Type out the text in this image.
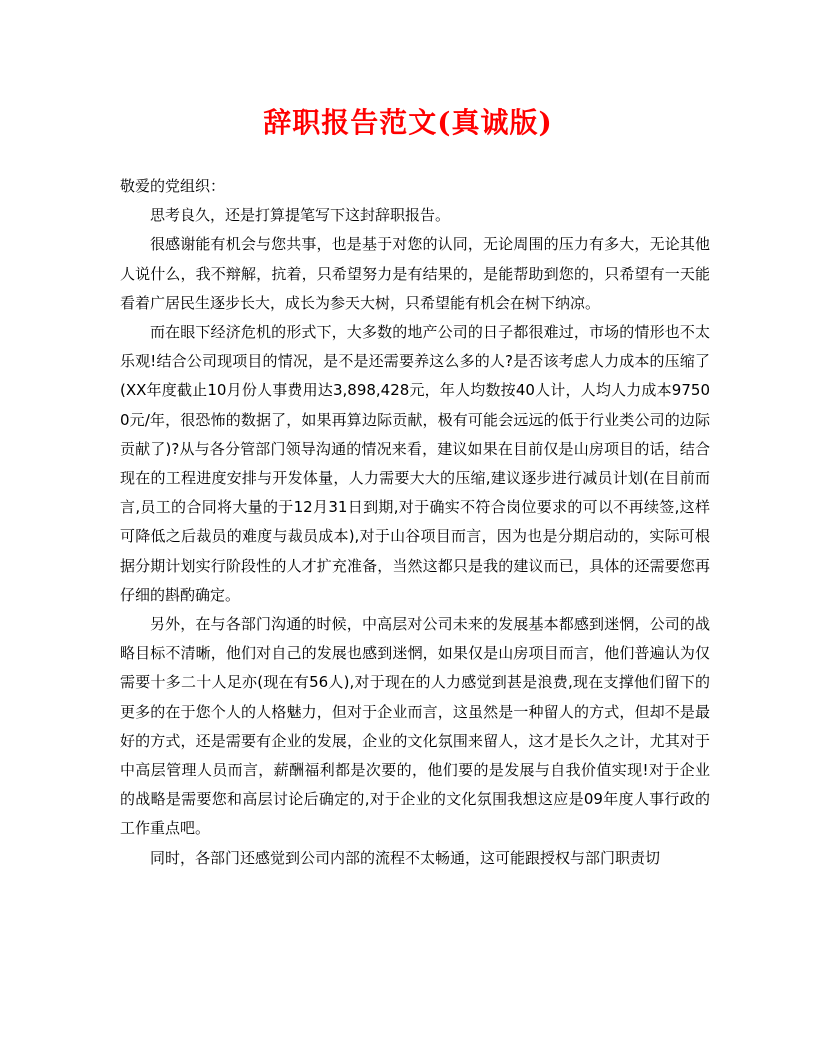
辞职报告范文(真诚版)

敬爱的党组织：

思考良久，还是打算提笔写下这封辞职报告。

很感谢能有机会与您共事，也是基于对您的认同，无论周围的压力有多大，无论其他人说什么，我不辩解，抗着，只希望努力是有结果的，是能帮助到您的，只希望有一天能看着广居民生逐步长大，成长为参天大树，只希望能有机会在树下纳凉。

而在眼下经济危机的形式下，大多数的地产公司的日子都很难过，市场的情形也不太乐观!结合公司现项目的情况，是不是还需要养这么多的人?是否该考虑人力成本的压缩了(XX年度截止10月份人事费用达3,898,428元，年人均数按40人计，人均人力成本97500元/年，很恐怖的数据了，如果再算边际贡献，极有可能会远远的低于行业类公司的边际贡献了)?从与各分管部门领导沟通的情况来看，建议如果在目前仅是山房项目的话，结合现在的工程进度安排与开发体量，人力需要大大的压缩,建议逐步进行减员计划(在目前而言,员工的合同将大量的于12月31日到期,对于确实不符合岗位要求的可以不再续签,这样可降低之后裁员的难度与裁员成本),对于山谷项目而言，因为也是分期启动的，实际可根据分期计划实行阶段性的人才扩充准备，当然这都只是我的建议而已，具体的还需要您再仔细的斟酌确定。

另外，在与各部门沟通的时候，中高层对公司未来的发展基本都感到迷惘，公司的战略目标不清晰，他们对自己的发展也感到迷惘，如果仅是山房项目而言，他们普遍认为仅需要十多二十人足亦(现在有56人),对于现在的人力感觉到甚是浪费,现在支撑他们留下的更多的在于您个人的人格魅力，但对于企业而言，这虽然是一种留人的方式，但却不是最好的方式，还是需要有企业的发展，企业的文化氛围来留人，这才是长久之计，尤其对于中高层管理人员而言，薪酬福利都是次要的，他们要的是发展与自我价值实现!对于企业的战略是需要您和高层讨论后确定的,对于企业的文化氛围我想这应是09年度人事行政的工作重点吧。

同时，各部门还感觉到公司内部的流程不太畅通，这可能跟授权与部门职责切
